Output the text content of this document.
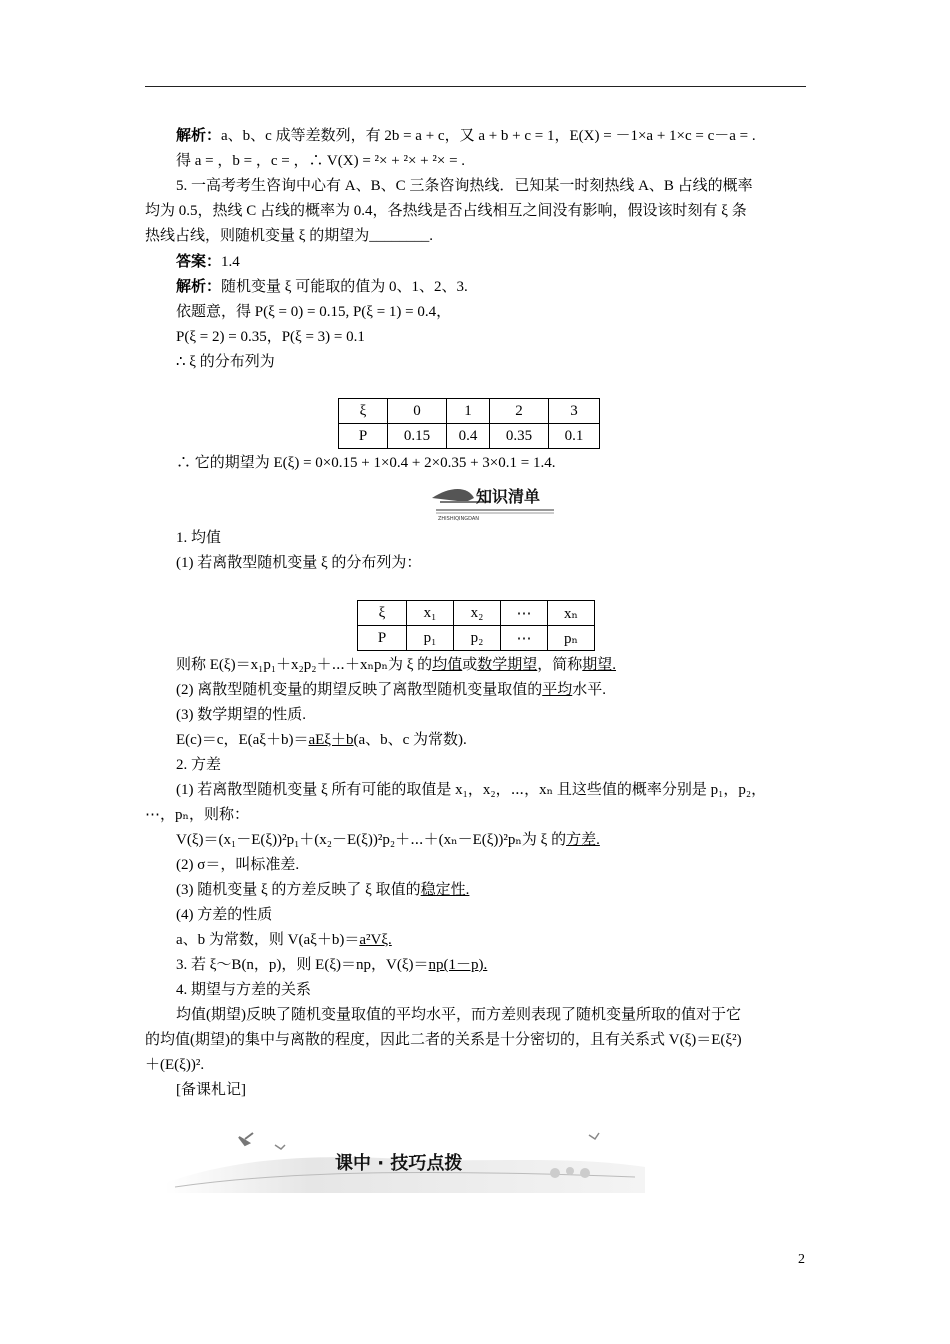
解析：a、b、c 成等差数列，有 2b = a + c，又 a + b + c = 1，E(X) = －1×a + 1×c = c－a = .
得 a = ，b = ，c = ，∴ V(X) = ²× + ²× + ²× = .
5. 一高考考生咨询中心有 A、B、C 三条咨询热线．已知某一时刻热线 A、B 占线的概率
均为 0.5，热线 C 占线的概率为 0.4，各热线是否占线相互之间没有影响，假设该时刻有 ξ 条
热线占线，则随机变量 ξ 的期望为________.
答案：1.4
解析：随机变量 ξ 可能取的值为 0、1、2、3.
依题意，得 P(ξ = 0) = 0.15, P(ξ = 1) = 0.4，
P(ξ = 2) = 0.35，P(ξ = 3) = 0.1
∴ ξ 的分布列为
ξ	0	1	2	3
P	0.15	0.4	0.35	0.1
∴ 它的期望为 E(ξ) = 0×0.15 + 1×0.4 + 2×0.35 + 3×0.1 = 1.4.
知识清单
ZHISHIQINGDAN
1. 均值
(1) 若离散型随机变量 ξ 的分布列为：
ξ	x₁	x₂	⋯	xₙ
P	p₁	p₂	⋯	pₙ
则称 E(ξ)＝x₁p₁＋x₂p₂＋⋯＋xₙpₙ为 ξ 的均值或数学期望，简称期望.
(2) 离散型随机变量的期望反映了离散型随机变量取值的平均水平.
(3) 数学期望的性质.
E(c)＝c，E(aξ＋b)＝aEξ＋b(a、b、c 为常数).
2. 方差
(1) 若离散型随机变量 ξ 所有可能的取值是 x₁，x₂，⋯，xₙ 且这些值的概率分别是 p₁，p₂，
⋯，pₙ，则称：
V(ξ)＝(x₁－E(ξ))²p₁＋(x₂－E(ξ))²p₂＋⋯＋(xₙ－E(ξ))²pₙ为 ξ 的方差.
(2) σ＝，叫标准差.
(3) 随机变量 ξ 的方差反映了 ξ 取值的稳定性.
(4) 方差的性质
a、b 为常数，则 V(aξ＋b)＝a²Vξ.
3. 若 ξ～B(n，p)，则 E(ξ)＝np，V(ξ)＝np(1－p).
4. 期望与方差的关系
均值(期望)反映了随机变量取值的平均水平，而方差则表现了随机变量所取的值对于它
的均值(期望)的集中与离散的程度，因此二者的关系是十分密切的，且有关系式 V(ξ)＝E(ξ²)
＋(E(ξ))².
[备课札记]
课中 · 技巧点拨
2
